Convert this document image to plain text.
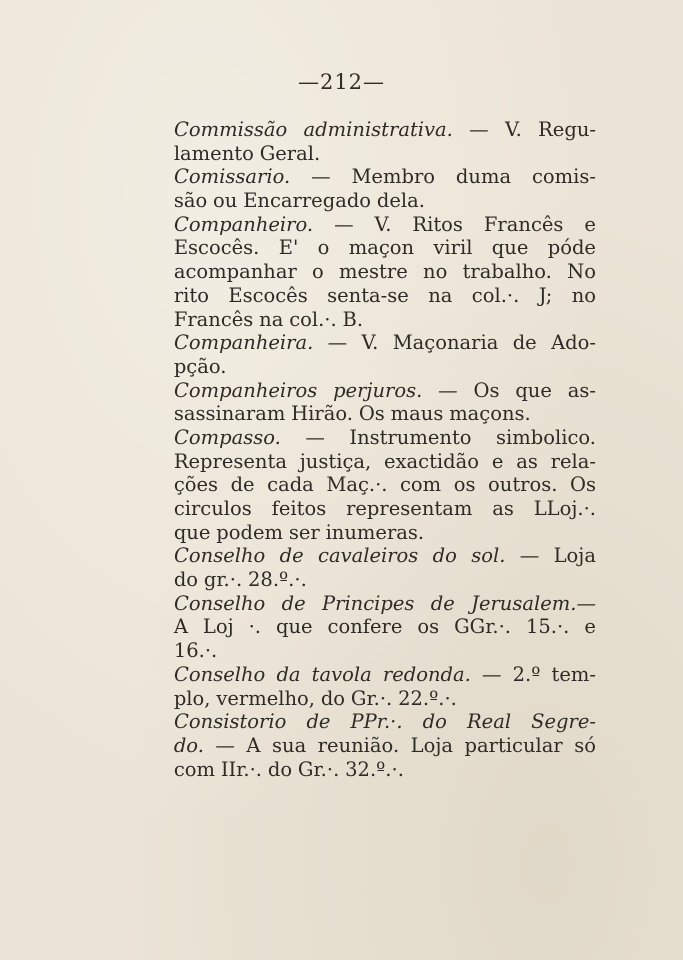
—212—
Commissão administrativa. — V. Regu-
lamento Geral.
Comissario. — Membro duma comis-
são ou Encarregado dela.
Companheiro. — V. Ritos Francês e
Escocês. E' o maçon viril que póde
acompanhar o mestre no trabalho. No
rito Escocês senta-se na col.·. J; no
Francês na col.·. B.
Companheira. — V. Maçonaria de Ado-
pção.
Companheiros perjuros. — Os que as-
sassinaram Hirão. Os maus maçons.
Compasso. — Instrumento simbolico.
Representa justiça, exactidão e as rela-
ções de cada Maç.·. com os outros. Os
circulos feitos representam as LLoj.·.
que podem ser inumeras.
Conselho de cavaleiros do sol. — Loja
do gr.·. 28.º.·.
Conselho de Principes de Jerusalem.—
A Loj ·. que confere os GGr.·. 15.·. e
16.·.
Conselho da tavola redonda. — 2.º tem-
plo, vermelho, do Gr.·. 22.º.·.
Consistorio de PPr.·. do Real Segre-
do. — A sua reunião. Loja particular só
com IIr.·. do Gr.·. 32.º.·.
